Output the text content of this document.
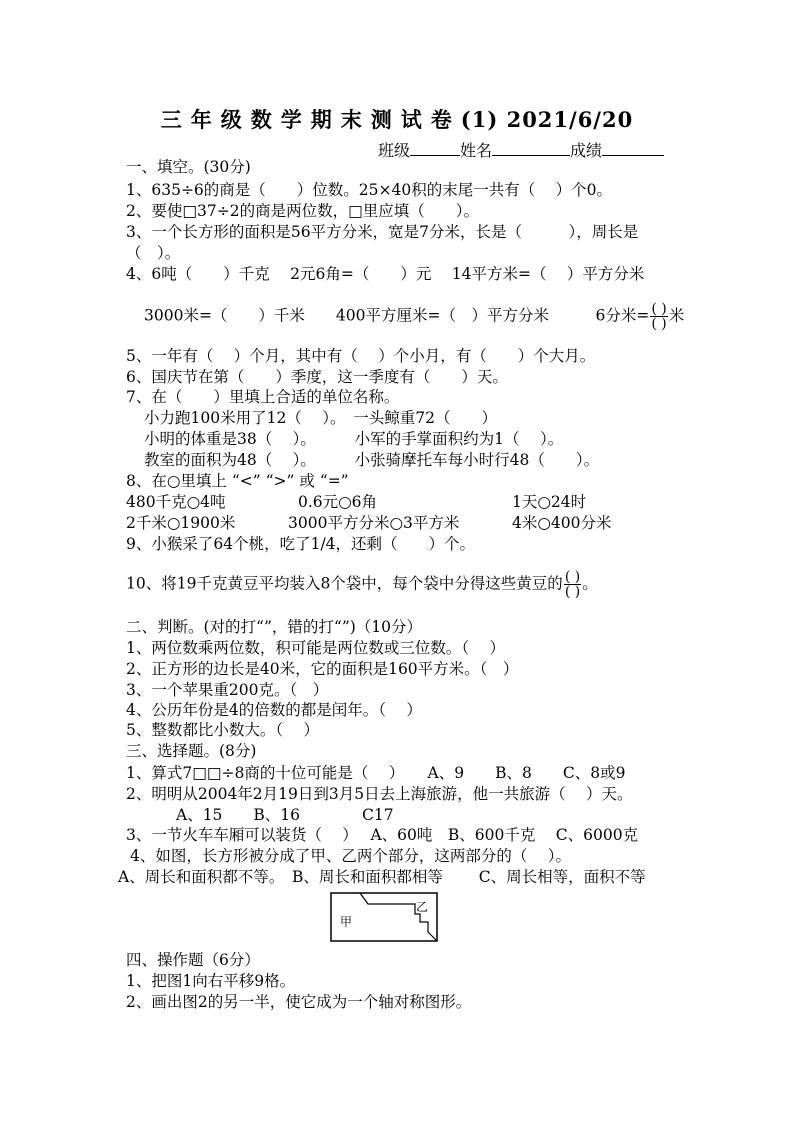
三年级数学期末测试卷(1) 2021/6/20
班级	姓名	成绩
一、填空。(30分)
1、635÷6的商是（　　）位数。25×40积的末尾一共有（　 ）个0。
2、要使□37÷2的商是两位数，□里应填（　　）。
3、一个长方形的面积是56平方分米，宽是7分米，长是（　　　），周长是
（　）。
4、6吨（　　）千克　 2元6角=（　　）元　 14平方米=（　 ）平方分米
3000米=（　　）千米　　400平方厘米=（　）平方分米　　　6分米= $\frac{( )}{( )}$ 米
5、一年有（　 ）个月，其中有（　 ）个小月，有（　　）个大月。
6、国庆节在第（　　）季度，这一季度有（　　）天。
7、在（　　）里填上合适的单位名称。
小力跑100米用了12（　 ）。　一头鲸重72（　　）
小明的体重是38（　 ）。　　　小军的手掌面积约为1（　 ）。
教室的面积为48（　 ）。　　　小张骑摩托车每小时行48（　　）。
8、在○里填上 “<” “>” 或 “=”
480千克○4吨	0.6元○6角	1天○24时
2千米○1900米	3000平方分米○3平方米	4米○400分米
9、小猴采了64个桃，吃了1/4，还剩（　　）个。
10、将19千克黄豆平均装入8个袋中，每个袋中分得这些黄豆的 $\frac{( )}{( )}$ 。
二、判断。(对的打“”，错的打“”)（10分）
1、两位数乘两位数，积可能是两位数或三位数。（　 ）
2、正方形的边长是40米，它的面积是160平方米。（　）
3、一个苹果重200克。（　）
4、公历年份是4的倍数的都是闰年。（　 ）
5、整数都比小数大。（　 ）
三、选择题。(8分)
1、算式7□□÷8商的十位可能是（　 ）　　A、9　　B、8　　C、8或9
2、明明从2004年2月19日到3月5日去上海旅游，他一共旅游（　 ）天。
A、15　　B、16　　　　C17
3、一节火车车厢可以装货（　 ）　 A、60吨　B、600千克　 C、6000克
4、如图，长方形被分成了甲、乙两个部分，这两部分的（　 ）。
A、周长和面积都不等。　B、周长和面积都相等　　 C、周长相等，面积不等
甲
乙
四、操作题（6分）
1、把图1向右平移9格。
2、画出图2的另一半，使它成为一个轴对称图形。
